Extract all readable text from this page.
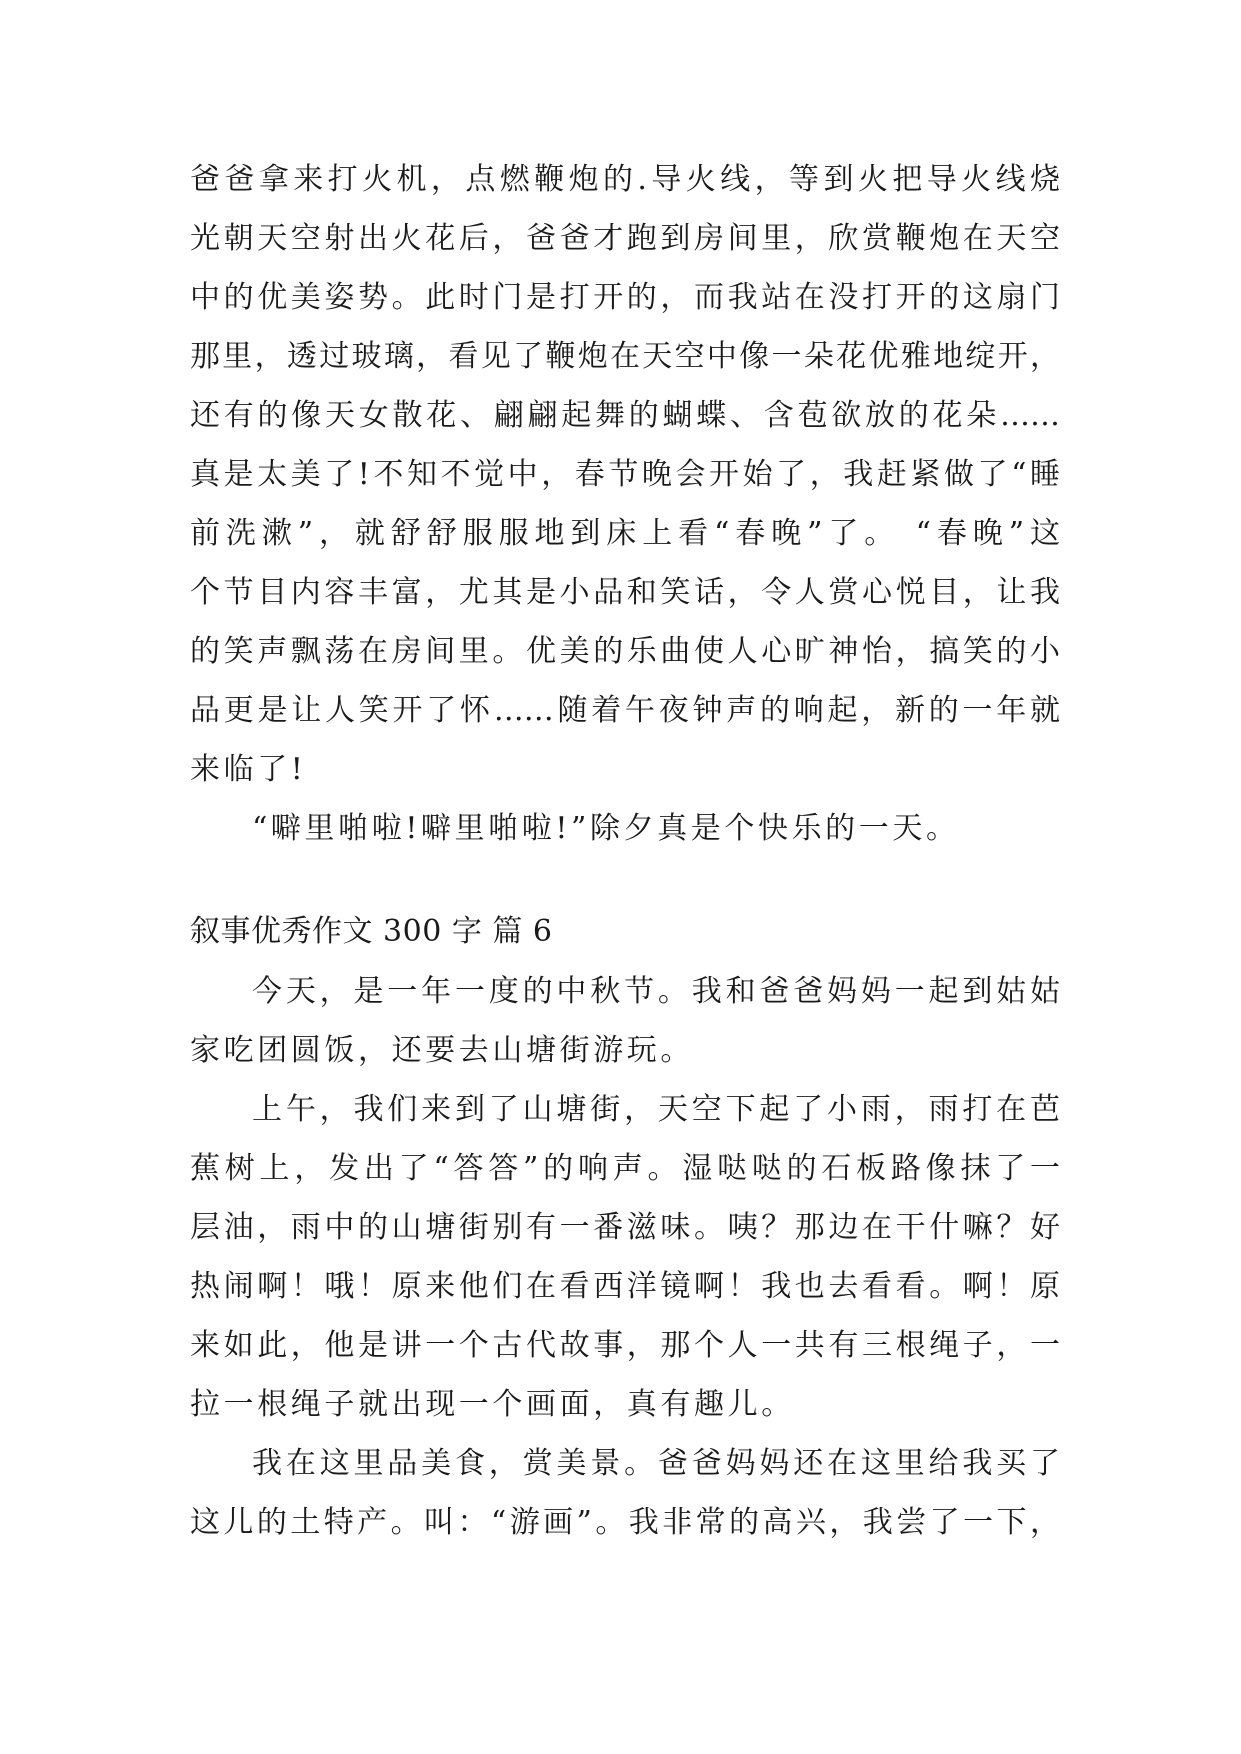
爸爸拿来打火机，点燃鞭炮的.导火线，等到火把导火线烧
光朝天空射出火花后，爸爸才跑到房间里，欣赏鞭炮在天空
中的优美姿势。此时门是打开的，而我站在没打开的这扇门
那里，透过玻璃，看见了鞭炮在天空中像一朵花优雅地绽开，
还有的像天女散花、翩翩起舞的蝴蝶、含苞欲放的花朵……
真是太美了!不知不觉中，春节晚会开始了，我赶紧做了“睡
前洗漱”，就舒舒服服地到床上看“春晚”了。 “春晚”这
个节目内容丰富，尤其是小品和笑话，令人赏心悦目，让我
的笑声飘荡在房间里。优美的乐曲使人心旷神怡，搞笑的小
品更是让人笑开了怀……随着午夜钟声的响起，新的一年就
来临了!
“噼里啪啦!噼里啪啦!”除夕真是个快乐的一天。
叙事优秀作文 300 字 篇 6
今天，是一年一度的中秋节。我和爸爸妈妈一起到姑姑
家吃团圆饭，还要去山塘街游玩。
上午，我们来到了山塘街，天空下起了小雨，雨打在芭
蕉树上，发出了“答答”的响声。湿哒哒的石板路像抹了一
层油，雨中的山塘街别有一番滋味。咦？那边在干什嘛？好
热闹啊！哦！原来他们在看西洋镜啊！我也去看看。啊！原
来如此，他是讲一个古代故事，那个人一共有三根绳子，一
拉一根绳子就出现一个画面，真有趣儿。
我在这里品美食，赏美景。爸爸妈妈还在这里给我买了
这儿的土特产。叫：“游画”。我非常的高兴，我尝了一下，
